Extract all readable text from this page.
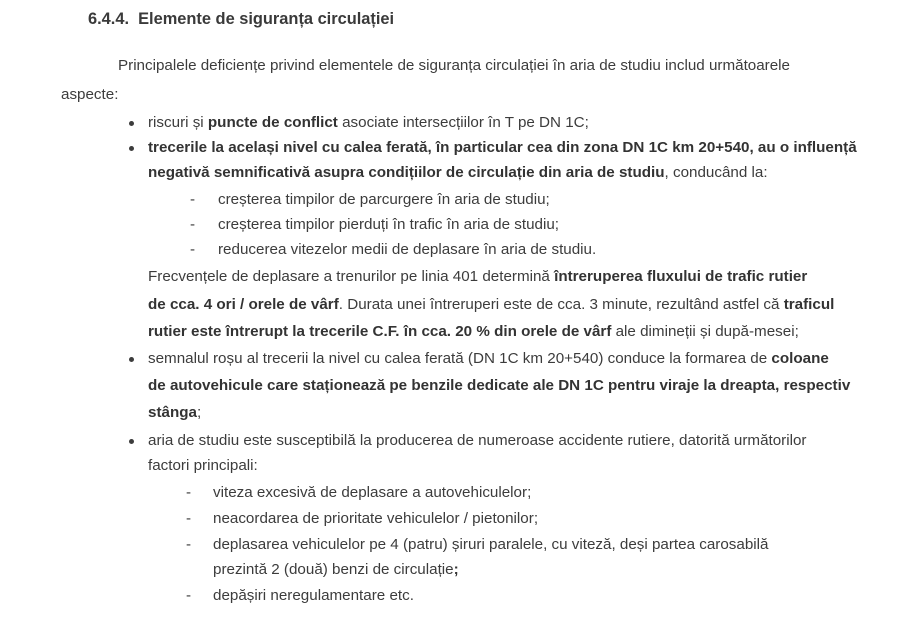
6.4.4. Elemente de siguranța circulației
Principalele deficiențe privind elementele de siguranța circulației în aria de studiu includ următoarele
aspecte:
riscuri și puncte de conflict asociate intersecțiilor în T pe DN 1C;
trecerile la același nivel cu calea ferată, în particular cea din zona DN 1C km 20+540, au o influență
negativă semnificativă asupra condițiilor de circulație din aria de studiu, conducând la:
- creșterea timpilor de parcurgere în aria de studiu;
- creșterea timpilor pierduți în trafic în aria de studiu;
- reducerea vitezelor medii de deplasare în aria de studiu.
Frecvențele de deplasare a trenurilor pe linia 401 determină întreruperea fluxului de trafic rutier
de cca. 4 ori / orele de vârf. Durata unei întreruperi este de cca. 3 minute, rezultând astfel că traficul
rutier este întrerupt la trecerile C.F. în cca. 20 % din orele de vârf ale dimineții și după-mesei;
semnalul roșu al trecerii la nivel cu calea ferată (DN 1C km 20+540) conduce la formarea de coloane
de autovehicule care staționează pe benzile dedicate ale DN 1C pentru viraje la dreapta, respectiv
stânga;
aria de studiu este susceptibilă la producerea de numeroase accidente rutiere, datorită următorilor
factori principali:
- viteza excesivă de deplasare a autovehiculelor;
- neacordarea de prioritate vehiculelor / pietonilor;
- deplasarea vehiculelor pe 4 (patru) șiruri paralele, cu viteză, deși partea carosabilă
prezintă 2 (două) benzi de circulație;
- depășiri neregulamentare etc.
